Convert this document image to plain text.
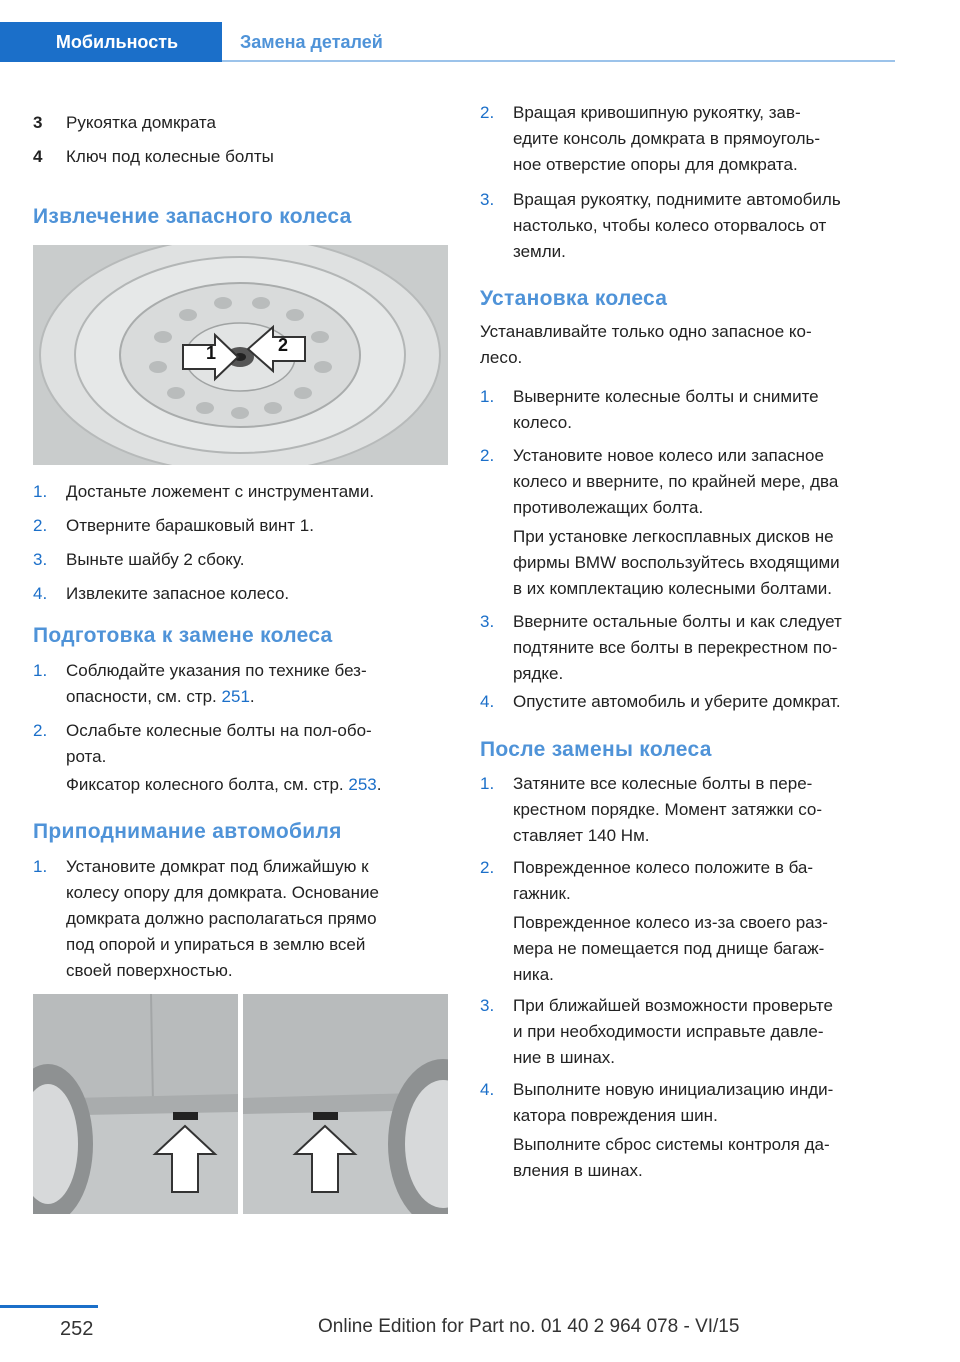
Мобильность	Замена деталей
3	Рукоятка домкрата
4	Ключ под колесные болты
Извлечение запасного колеса
1	2
1.	Достаньте ложемент с инструментами.
2.	Отверните барашковый винт 1.
3.	Выньте шайбу 2 сбоку.
4.	Извлеките запасное колесо.
Подготовка к замене колеса
1.	Соблюдайте указания по технике без-
опасности, см. стр. 251.
2.	Ослабьте колесные болты на пол-обо-
рота.
Фиксатор колесного болта, см. стр. 253.
Приподнимание автомобиля
1.	Установите домкрат под ближайшую к
колесу опору для домкрата. Основание
домкрата должно располагаться прямо
под опорой и упираться в землю всей
своей поверхностью.
2.	Вращая кривошипную рукоятку, зав-
едите консоль домкрата в прямоуголь-
ное отверстие опоры для домкрата.
3.	Вращая рукоятку, поднимите автомобиль
настолько, чтобы колесо оторвалось от
земли.
Установка колеса
Устанавливайте только одно запасное ко-
лесо.
1.	Выверните колесные болты и снимите
колесо.
2.	Установите новое колесо или запасное
колесо и вверните, по крайней мере, два
противолежащих болта.
При установке легкосплавных дисков не
фирмы BMW воспользуйтесь входящими
в их комплектацию колесными болтами.
3.	Вверните остальные болты и как следует
подтяните все болты в перекрестном по-
рядке.
4.	Опустите автомобиль и уберите домкрат.
После замены колеса
1.	Затяните все колесные болты в пере-
крестном порядке. Момент затяжки со-
ставляет 140 Нм.
2.	Поврежденное колесо положите в ба-
гажник.
Поврежденное колесо из-за своего раз-
мера не помещается под днище багаж-
ника.
3.	При ближайшей возможности проверьте
и при необходимости исправьте давле-
ние в шинах.
4.	Выполните новую инициализацию инди-
катора повреждения шин.
Выполните сброс системы контроля да-
вления в шинах.
252	Online Edition for Part no. 01 40 2 964 078 - VI/15
